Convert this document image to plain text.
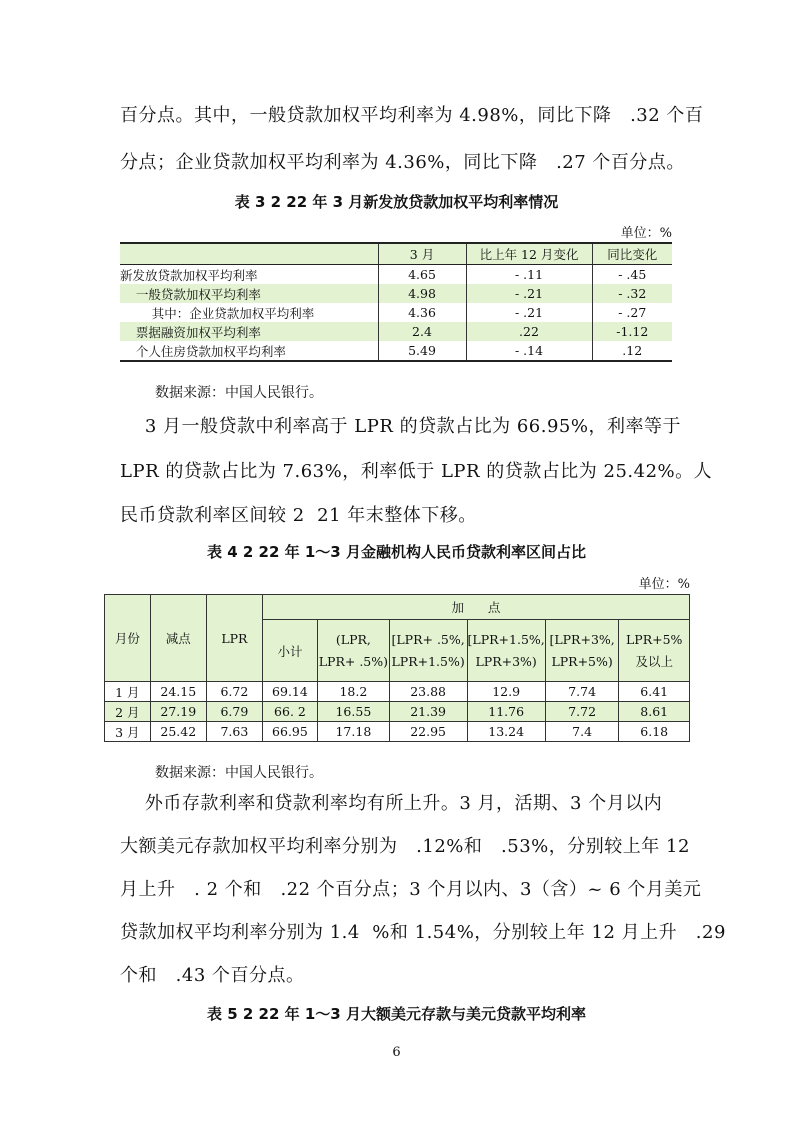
百分点。其中，一般贷款加权平均利率为 4.98%，同比下降   .32 个百
分点；企业贷款加权平均利率为 4.36%，同比下降   .27 个百分点。
表 3 2 22 年 3 月新发放贷款加权平均利率情况
单位：%
	3 月	比上年 12 月变化	同比变化
新发放贷款加权平均利率	4.65	- .11	- .45
一般贷款加权平均利率	4.98	- .21	- .32
其中：企业贷款加权平均利率	4.36	- .21	- .27
票据融资加权平均利率	2.4	.22	-1.12
个人住房贷款加权平均利率	5.49	- .14	.12
数据来源：中国人民银行。
3 月一般贷款中利率高于 LPR 的贷款占比为 66.95%，利率等于
LPR 的贷款占比为 7.63%，利率低于 LPR 的贷款占比为 25.42%。人
民币贷款利率区间较 2  21 年末整体下移。
表 4 2 22 年 1～3 月金融机构人民币贷款利率区间占比
单位：%
月份	减点	LPR	加      点					
			小计	(LPR, LPR+ .5%)	[LPR+ .5%, LPR+1.5%)	[LPR+1.5%, LPR+3%)	[LPR+3%, LPR+5%)	LPR+5% 及以上
1 月	24.15	6.72	69.14	18.2	23.88	12.9	7.74	6.41
2 月	27.19	6.79	66. 2	16.55	21.39	11.76	7.72	8.61
3 月	25.42	7.63	66.95	17.18	22.95	13.24	7.4	6.18
数据来源：中国人民银行。
外币存款利率和贷款利率均有所上升。3 月，活期、3 个月以内
大额美元存款加权平均利率分别为   .12%和   .53%，分别较上年 12
月上升   . 2 个和   .22 个百分点；3 个月以内、3（含）~ 6 个月美元
贷款加权平均利率分别为 1.4  %和 1.54%，分别较上年 12 月上升   .29
个和   .43 个百分点。
表 5 2 22 年 1～3 月大额美元存款与美元贷款平均利率
6
